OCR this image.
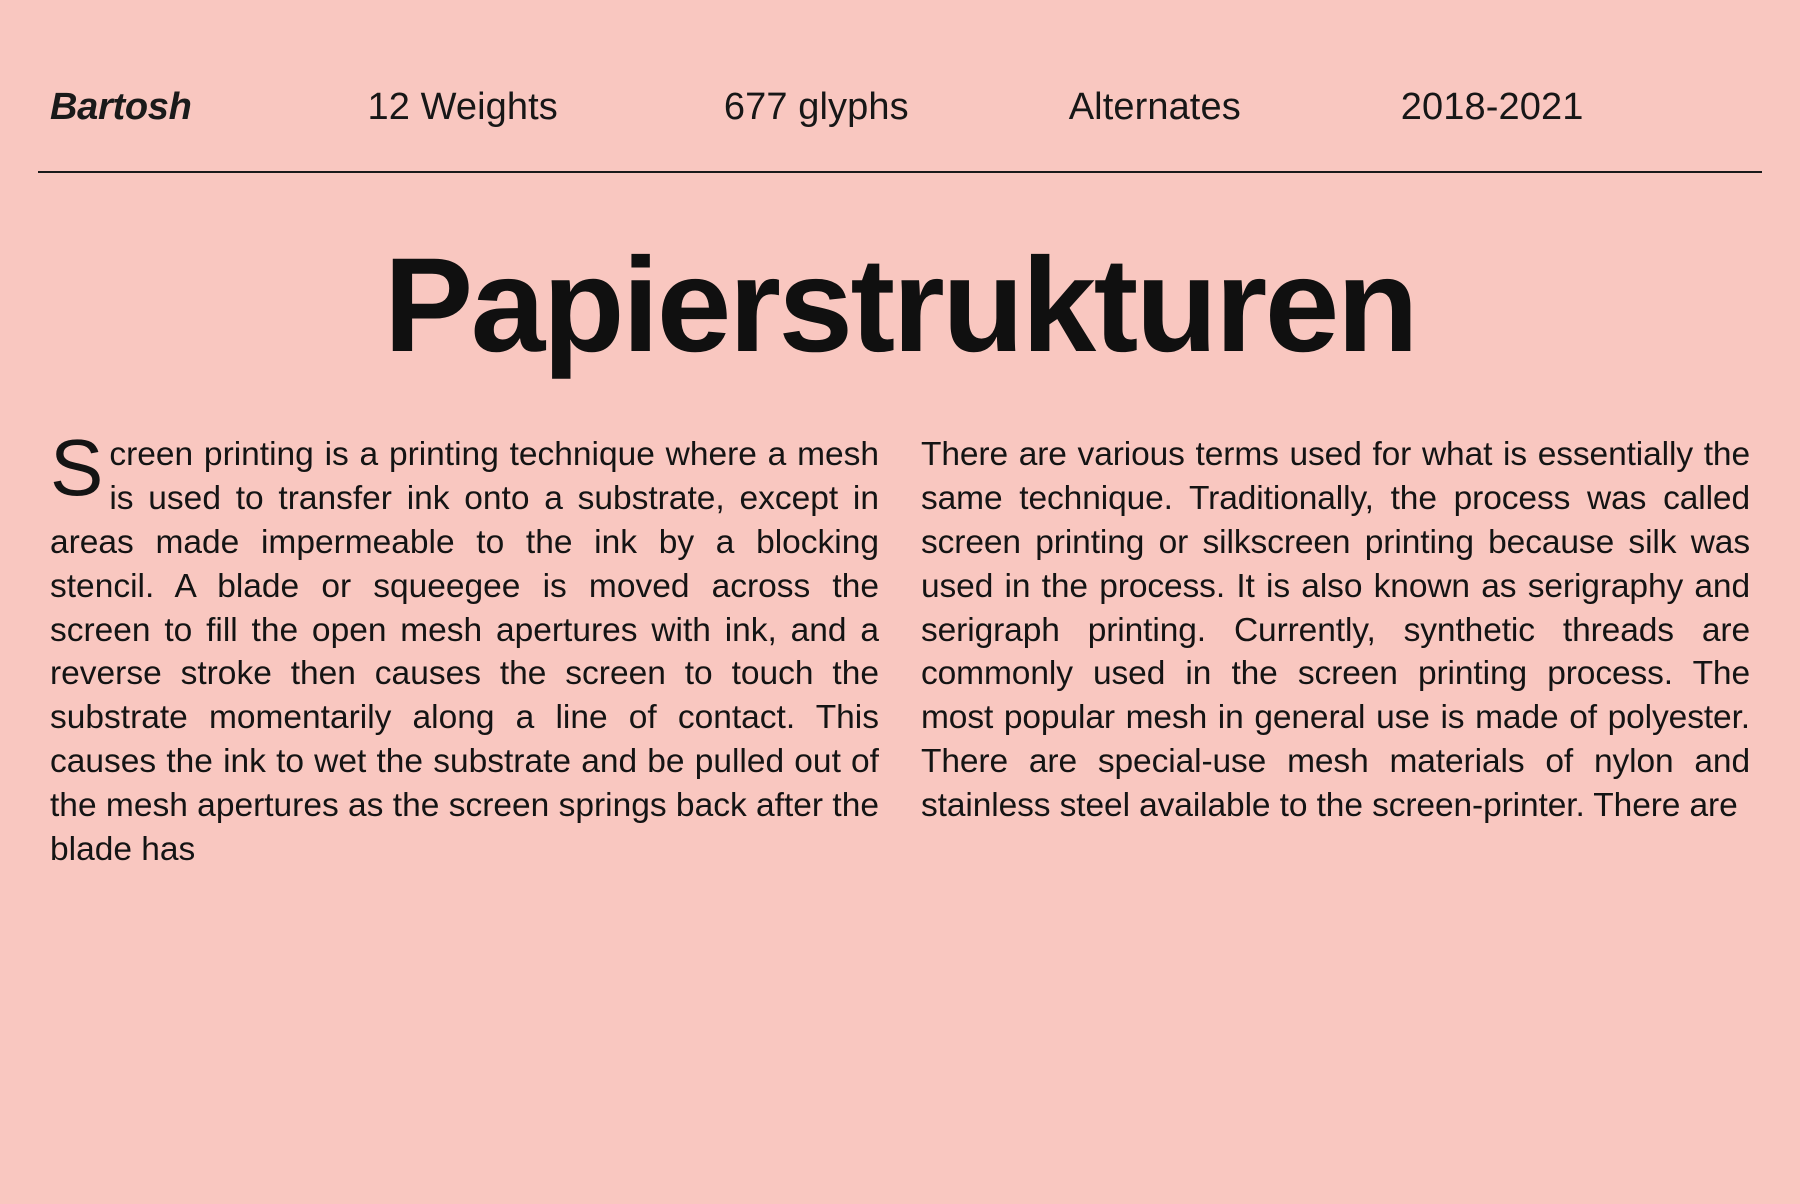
Bartosh	12 Weights	677 glyphs	Alternates	2018-2021
Papierstrukturen
S creen printing is a printing technique where a mesh is used to transfer ink onto a substrate, except in areas made impermeable to the ink by a blocking stencil. A blade or squeegee is moved across the screen to fill the open mesh apertures with ink, and a reverse stroke then causes the screen to touch the substrate momentarily along a line of contact. This causes the ink to wet the substrate and be pulled out of the mesh apertures as the screen springs back after the blade has

There are various terms used for what is essentially the same technique. Traditionally, the process was called screen printing or silkscreen printing because silk was used in the process. It is also known as serigraphy and serigraph printing. Currently, synthetic threads are commonly used in the screen printing process. The most popular mesh in general use is made of polyester. There are special-use mesh materials of nylon and stainless steel available to the screen-printer. There are
